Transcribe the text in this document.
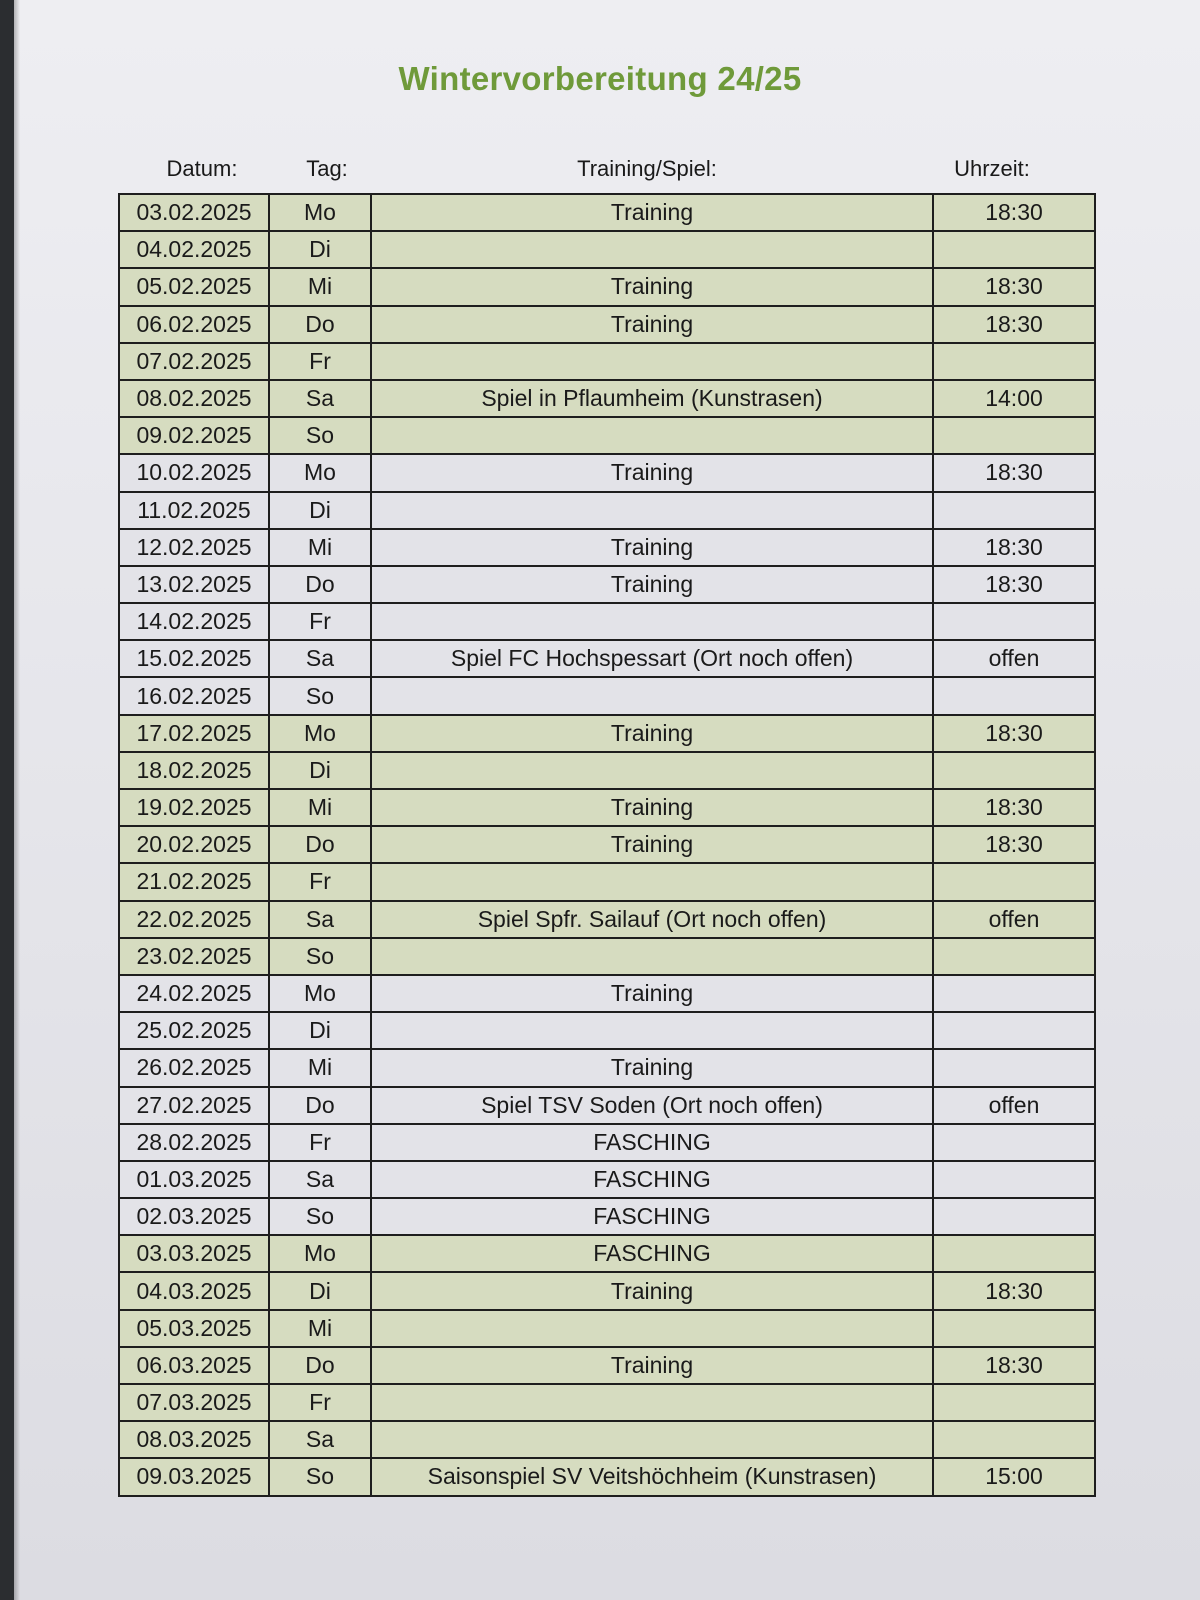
Wintervorbereitung 24/25
Datum:	Tag:	Training/Spiel:	Uhrzeit:
03.02.2025	Mo	Training	18:30
04.02.2025	Di		
05.02.2025	Mi	Training	18:30
06.02.2025	Do	Training	18:30
07.02.2025	Fr		
08.02.2025	Sa	Spiel in Pflaumheim (Kunstrasen)	14:00
09.02.2025	So		
10.02.2025	Mo	Training	18:30
11.02.2025	Di		
12.02.2025	Mi	Training	18:30
13.02.2025	Do	Training	18:30
14.02.2025	Fr		
15.02.2025	Sa	Spiel FC Hochspessart (Ort noch offen)	offen
16.02.2025	So		
17.02.2025	Mo	Training	18:30
18.02.2025	Di		
19.02.2025	Mi	Training	18:30
20.02.2025	Do	Training	18:30
21.02.2025	Fr		
22.02.2025	Sa	Spiel Spfr. Sailauf (Ort noch offen)	offen
23.02.2025	So		
24.02.2025	Mo	Training	
25.02.2025	Di		
26.02.2025	Mi	Training	
27.02.2025	Do	Spiel TSV Soden (Ort noch offen)	offen
28.02.2025	Fr	FASCHING	
01.03.2025	Sa	FASCHING	
02.03.2025	So	FASCHING	
03.03.2025	Mo	FASCHING	
04.03.2025	Di	Training	18:30
05.03.2025	Mi		
06.03.2025	Do	Training	18:30
07.03.2025	Fr		
08.03.2025	Sa		
09.03.2025	So	Saisonspiel SV Veitshöchheim (Kunstrasen)	15:00
